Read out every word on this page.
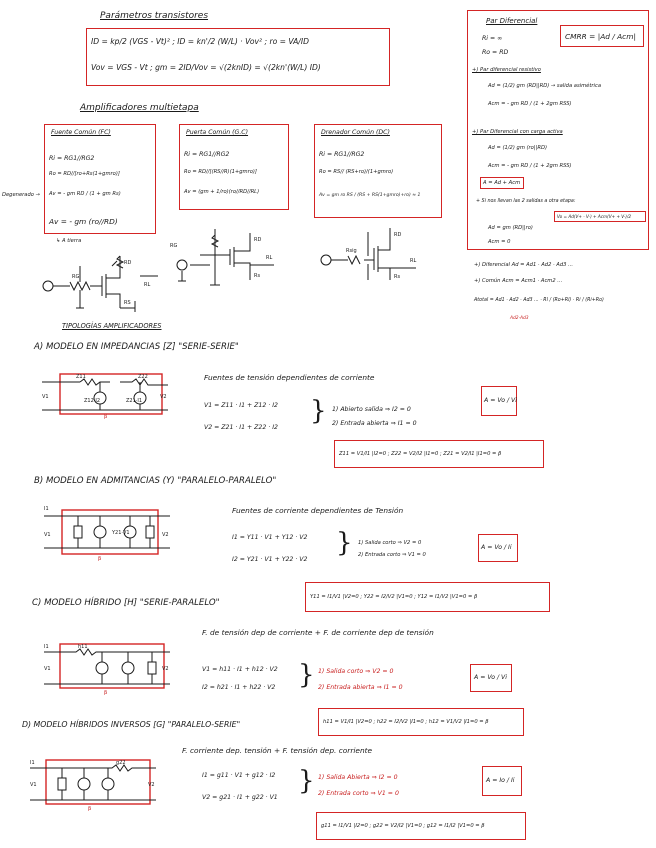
Parámetros transistores
ID = kp/2 (VGS - Vt)² ; ID = kn'/2 (W/L) · Vov² ; ro = VA/ID
Vov = VGS - Vt ; gm = 2ID/Vov = √(2knID) = √(2kn'(W/L) ID)
Amplificadores multietapa
Fuente Común (FC)
Ri = RG1//RG2
Ro = RD//[ro+Rs(1+gmro)]
Av = - gm RD / (1 + gm Rs)
Av = - gm (ro//RD)
Degenerado →
↳ A tierra
Puerta Común (G.C)
Ri = RG1//RG2
Ro = RD//[(RS//R)(1+gmro)]
Av = (gm + 1/ro)(ro//RD//RL)
Drenador Común (DC)
Ri = RG1//RG2
Ro = RS// (RS+ro)/(1+gmro)
Av = gm ro RS / (RS + RS(1+gmro)+ro) ≈ 1
RG
RD
RS
RL
RG
RD
Rs
RL
Rsig
RD
Rs
RL
Par Diferencial
Ri = ∞
Ro = RD
CMRR = |Ad / Acm|
+) Par diferencial resistivo
Ad = (1/2) gm (RD||RD) → salida asimétrica
Acm = - gm RD / (1 + 2gm RSS)
+) Par Diferencial con carga activa
Ad = (1/2) gm (ro||RD)
Acm = - gm RD / (1 + 2gm RSS)
A = Ad + Acm
+ Si nos llevan las 2 salidas a otra etapa:
Vo = Ad(V+ - V-) + Acm(V+ + V-)/2
Ad = gm (RD||ro)
Acm = 0
+) Diferencial Ad = Ad1 · Ad2 · Ad3 ...
+) Común Acm = Acm1 · Acm2 ...
Atotal = Ad1 · Ad2 · Ad3 ... · Rl / (Ro+Rl) · Ri / (Ri+Ro)
Ad2·Ad3
TIPOLOGÍAS AMPLIFICADORES
A) MODELO EN IMPEDANCIAS [Z] "SERIE-SERIE"
Z11	Z22
Z12·I2	Z21·I1
V1	V2
β
Fuentes de tensión dependientes de corriente
V1 = Z11 · I1 + Z12 · I2
V2 = Z21 · I1 + Z22 · I2
} 1) Abierto salida ⇒ I2 = 0
2) Entrada abierta ⇒ I1 = 0
A = Vo / Vi
Z11 = V1/I1 |I2=0 ; Z22 = V2/I2 |I1=0 ; Z21 = V2/I1 |I1=0 = β
B) MODELO EN ADMITANCIAS (Y) "PARALELO-PARALELO"
I1
V1	Y21·V1	V2
β
Fuentes de corriente dependientes de Tensión
I1 = Y11 · V1 + Y12 · V2
I2 = Y21 · V1 + Y22 · V2
} 1) Salida corto ⇒ V2 = 0
2) Entrada corto ⇒ V1 = 0
A = Vo / Ii
Y11 = I1/V1 |V2=0 ; Y22 = I2/V2 |V1=0 ; Y12 = I1/V2 |V1=0 = β
C) MODELO HÍBRIDO [H] "SERIE-PARALELO"
F. de tensión dep de corriente + F. de corriente dep de tensión
I1	h11
V1	V2
β
V1 = h11 · I1 + h12 · V2
I2 = h21 · I1 + h22 · V2 } 1) Salida corto ⇒ V2 = 0
2) Entrada abierta ⇒ I1 = 0
A = Vo / Vi
D) MODELO HÍBRIDOS INVERSOS [G] "PARALELO-SERIE"	h11 = V1/I1 |V2=0 ; h22 = I2/V2 |I1=0 ; h12 = V1/V2 |I1=0 = β
F. corriente dep. tensión + F. tensión dep. corriente
I1	g22
V1	V2
β
I1 = g11 · V1 + g12 · I2
V2 = g21 · I1 + g22 · V1
} 1) Salida Abierta ⇒ I2 = 0
2) Entrada corto ⇒ V1 = 0
A = Io / Ii
g11 = I1/V1 |I2=0 ; g22 = V2/I2 |V1=0 ; g12 = I1/I2 |V1=0 = β
